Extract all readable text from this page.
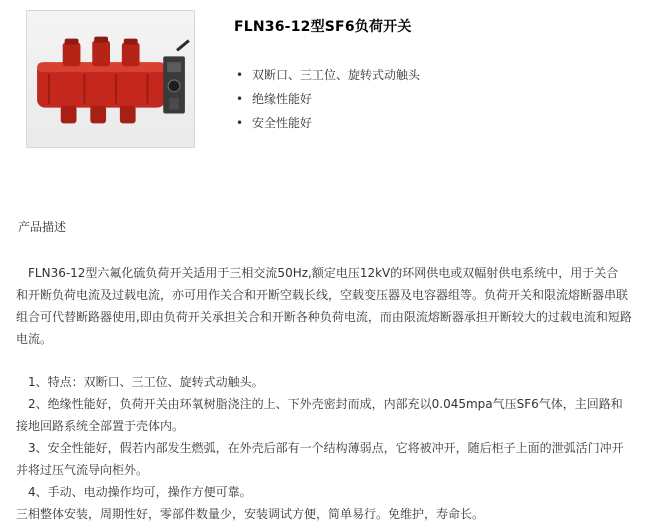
FLN36-12型SF6负荷开关
• 双断口、三工位、旋转式动触头
• 绝缘性能好
• 安全性能好
产品描述
　FLN36-12型六氟化硫负荷开关适用于三相交流50Hz,额定电压12kV的环网供电或双幅射供电系统中，用于关合
和开断负荷电流及过载电流，亦可用作关合和开断空载长线，空载变压器及电容器组等。负荷开关和限流熔断器串联
组合可代替断路器使用,即由负荷开关承担关合和开断各种负荷电流，而由限流熔断器承担开断较大的过载电流和短路
电流。
　1、特点：双断口、三工位、旋转式动触头。
　2、绝缘性能好，负荷开关由环氧树脂浇注的上、下外壳密封而成，内部充以0.045mpa气压SF6气体，主回路和
接地回路系统全部置于壳体内。
　3、安全性能好，假若内部发生燃弧，在外壳后部有一个结构薄弱点，它将被冲开，随后柜子上面的泄弧活门冲开
并将过压气流导向柜外。
　4、手动、电动操作均可，操作方便可靠。
三相整体安装，周期性好，零部件数量少，安装调试方便，简单易行。免维护，寿命长。
